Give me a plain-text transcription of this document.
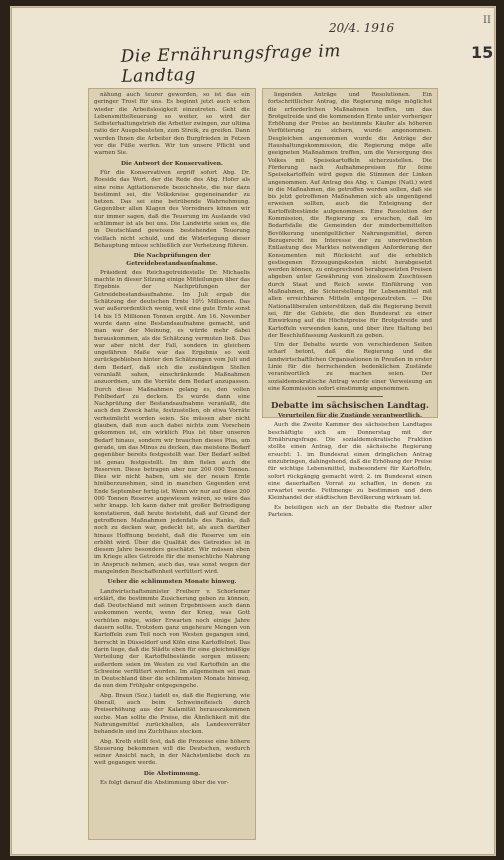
II
20/4. 1916
Die Ernährungsfrage im Landtag
15

nähung auch teurer geworden, so ist das ein geringer Trost für uns. Es beginnt jetzt auch schon wieder die Arbeitslosigkeit einzutreten. Geht die Lebensmittelteuerung so weiter, so wird der Selbsterhaltungstrieb die Arbeiter zwingen, zur ultima ratio der Ausgebeuteten, zum Streik, zu greifen. Dann werden Ihnen die Arbeiter den Burgfrieden in Fetzen vor die Füße werfen. Wir tun unsere Pflicht und warnen Sie.

Die Antwort der Konservativen.

Für die Konservativen ergriff sofort Abg. Dr. Roeside das Wort, der die Rede des Abg. Hofer als eine reine Agitationsrede bezeichnete, die nur dazu bestimmt sei, die Volkskreise gegeneinander zu hetzen. Das sei eine betrübende Wahrnehmung. Gegenüber allen Klagen des Vorredners können wir nur immer sagen, daß die Teuerung im Auslande viel schlimmer ist als bei uns. Die Landwirte seien es, die in Deutschland gewissen bestehenden Teuerung vielfach nicht schuld, und die Widerlegung dieser Behauptung müsse schließlich zur Verhetzung führen.

Die Nachprüfungen der Getreidebestandsaufnahme.

Präsident des Reichsgetreidestelle Dr. Michaelis machte in dieser Sitzung einige Mitteilungen über das Ergebnis der Nachprüfungen der Getreidebestandsaufnahme. Im Juli ergab die Schätzung der deutschen Ernte 10½ Millionen. Das war außerordentlich wenig, weil eine gute Ernte sonst 14 bis 15 Millionen Tonnen ergibt. Am 16. November wurde dann eine Bestandsaufnahme gemacht, und man war der Meinung, es würde mehr dabei herauskommen, als die Schätzung vermuten ließ. Das war aber nicht der Fall, sondern in gleichem ungefähren Maße war das Ergebnis so weit zurückgeblieben hinter den Schätzungen vom Juli und dem Bedarf, daß sich die zuständigen Stellen veranlaßt sahen, einschränkende Maßnahmen anzuordnen, um die Vorräte dem Bedarf anzupassen. Durch diese Maßnahmen gelang es, den vollen Fehlbedarf zu decken. Es wurde dann eine Nachprüfung der Bestandsaufnahme veranlaßt, die auch den Zweck hatte, festzustellen, ob etwa Vorräte verheimlicht worden seien. Sie müssen aber nicht glauben, daß nun auch dabei nichts zum Vorschein gekommen ist, ein wirklich Plus ist über unseren Bedarf hinaus, sondern wir brauchen dieses Plus, um gerade, um das Minus zu decken, das meistens Bedarf gegenüber bereits festgestellt war. Der Bedarf selbst ist genau festgestellt. Im ihm fielen auch die Reserven. Diese betragen aber nur 200 000 Tonnen. Dies wir nicht haben, um sie der neuen Ernte hinüberzunehmen, sind in manchen Gegenden erst Ende September fertig ist. Wenn wir nur auf diese 200 000 Tonnen Reserve angewiesen wären, so wäre das sehr knapp. Ich kann daher mit großer Befriedigung konstatieren, daß heute feststeht, daß auf Grund der getroffenen Maßnahmen jedenfalls des Ranks, daß noch zu decken war, gedeckt ist, als auch darüber hinaus Hoffnung besteht, daß die Reserve um ein erhöht wird. Über die Qualität des Getreides ist in diesem Jahre besonders geschätzt. Wir müssen eben im Kriege alles Getreide für die menschliche Nahrung in Anspruch nehmen, auch das, was sonst wegen der mangelnden Beschaffenheit verfüttert wird.

Ueber die schlimmsten Monate hinweg.

Landwirtschaftsminister Freiherr v. Schorlemer erklärt, die bestimmte Zusicherung geben zu können, daß Deutschland mit seinen Ergebnissen auch dann auskommen werde, wenn der Krieg, was Gott verhüten möge, wider Erwarten noch einige Jahre dauern sollte. Trotzdem ganz ungeheure Mengen von Kartoffeln zum Teil noch von Westen gegangen sind, herrscht in Düsseldorf und Köln eine Kartoffelnot. Das darin liege, daß die Städte eben für eine gleichmäßige Verteilung der Kartoffelbestände sorgen müssen; außerdem seien im Westen zu viel Kartoffeln an die Schweine verfüttert worden. Im allgemeinen sei man in Deutschland über die schlimmsten Monate hinweg, da nun dem Frühjahr entgegengehe.

Abg. Braun (Soz.) tadelt es, daß die Regierung, wie überall, auch beim Schweinefleisch durch Preiserhöhung aus der Kalamität herauszukommen suche. Man sollte die Preise, die Ähnlichkeit mit die Nahrungsmittel zurückhalten, als Landesverräter behandeln und ins Zuchthaus stecken.

Abg. Kreth stellt fest, daß die Prozesse eine höhere Steuerung bekommen will die Deutschen, wodurch seiner Ansicht nach, in der Nächstenliebe doch zu weit gegangen werde.

Die Abstimmung.

Es folgt darauf die Abstimmung über die vor-

liegenden Anträge und Resolutionen. Ein fortschrittlicher Antrag, die Regierung möge möglichst die erforderlichen Maßnahmen treffen, um das Brotgetreide und die kommenden Ernte unter vorheriger Erhöhung der Preise an bestimmte Käufer als höheren Verfütterung zu sichern, wurde angenommen. Desgleichen angenommen wurde die Anträge der Haushaltungskommission, die Regierung möge alle geeigneten Maßnahmen treffen, um die Versorgung des Volkes mit Speisekartoffeln sicherzustellen. Die Förderung nach Aufnahmepreisen für feine Speisekartoffeln wird gegen die Stimmen der Linken angenommen. Auf Antrag des Abg. v. Campe (Natl.) wird in die Maßnahmen, die getroffen werden sollen, daß sie bis jetzt getroffenen Maßnahmen sich als ungenügend erweisen sollten, auch die Enteignung der Kartoffelbestände aufgenommen. Eine Resolution der Kommission, die Regierung zu ersuchen, daß im Bedarfsfalle die Gemeinden der minderbemittelten Bevölkerung unentgeltlicher Nahrungsmittel, deren Bezugsrecht im Interesse der zu unerwünschten Entlastung des Marktes notwendigen Anforderung der Konsumenten mit Rücksicht auf die erheblich gestiegenen Erzeugungskosten nicht herabgesetzt werden können, zu entsprechend herabgesetzten Preisen abgeben unter Gewährung von zinslosem Zuschüssen durch Staat und Reich sowie Einführung von Maßnahmen, die Sicherstellung für Lebensmittel mit allen erreichbaren Mitteln entgegenzutreten. — Die Nationalliberalen unterstützen, daß die Regierung bereit sei, für die Gebiete, die den Bundesrat zu einer Einwirkung auf die Höchstpreise für Brotgetreide und Kartoffeln verwenden kann, und über ihre Haltung bei der Beschlußfassung Auskunft zu geben.

Um der Debatte wurde von verschiedenen Seiten scharf betont, daß die Regierung und die landwirtschaftlichen Organisationen in Preußen in erster Linie für die herrschenden bedenklichen Zustände verantwortlich zu machen seien. Der sozialdemokratische Antrag wurde einer Verweisung an eine Kommission sofort einstimmig angenommen.

Debatte im sächsischen Landtag.
Verurteilen für die Zustände verantwortlich.

Auch die Zweite Kammer des sächsischen Landtages beschäftigte sich am Donnerstag mit der Ernährungsfrage. Die sozialdemokratische Fraktion stellte einen Antrag, der die sächsische Regierung ersucht: 1. im Bundesrat einen dringlichen Antrag einzubringen, dahingehend, daß die Erhöhung der Preise für wichtige Lebensmittel, insbesondere für Kartoffeln, sofort rückgängig gemacht wird; 2. im Bundesrat einen eine dauerhaften Vorrat zu schaffen, in denen zu erwartet werde. Fettmenge zu bestimmen und dem Kleinhandel der städtischen Bevölkerung wirksam ist.

Es beteiligen sich an der Debatte die Redner aller Parteien.
